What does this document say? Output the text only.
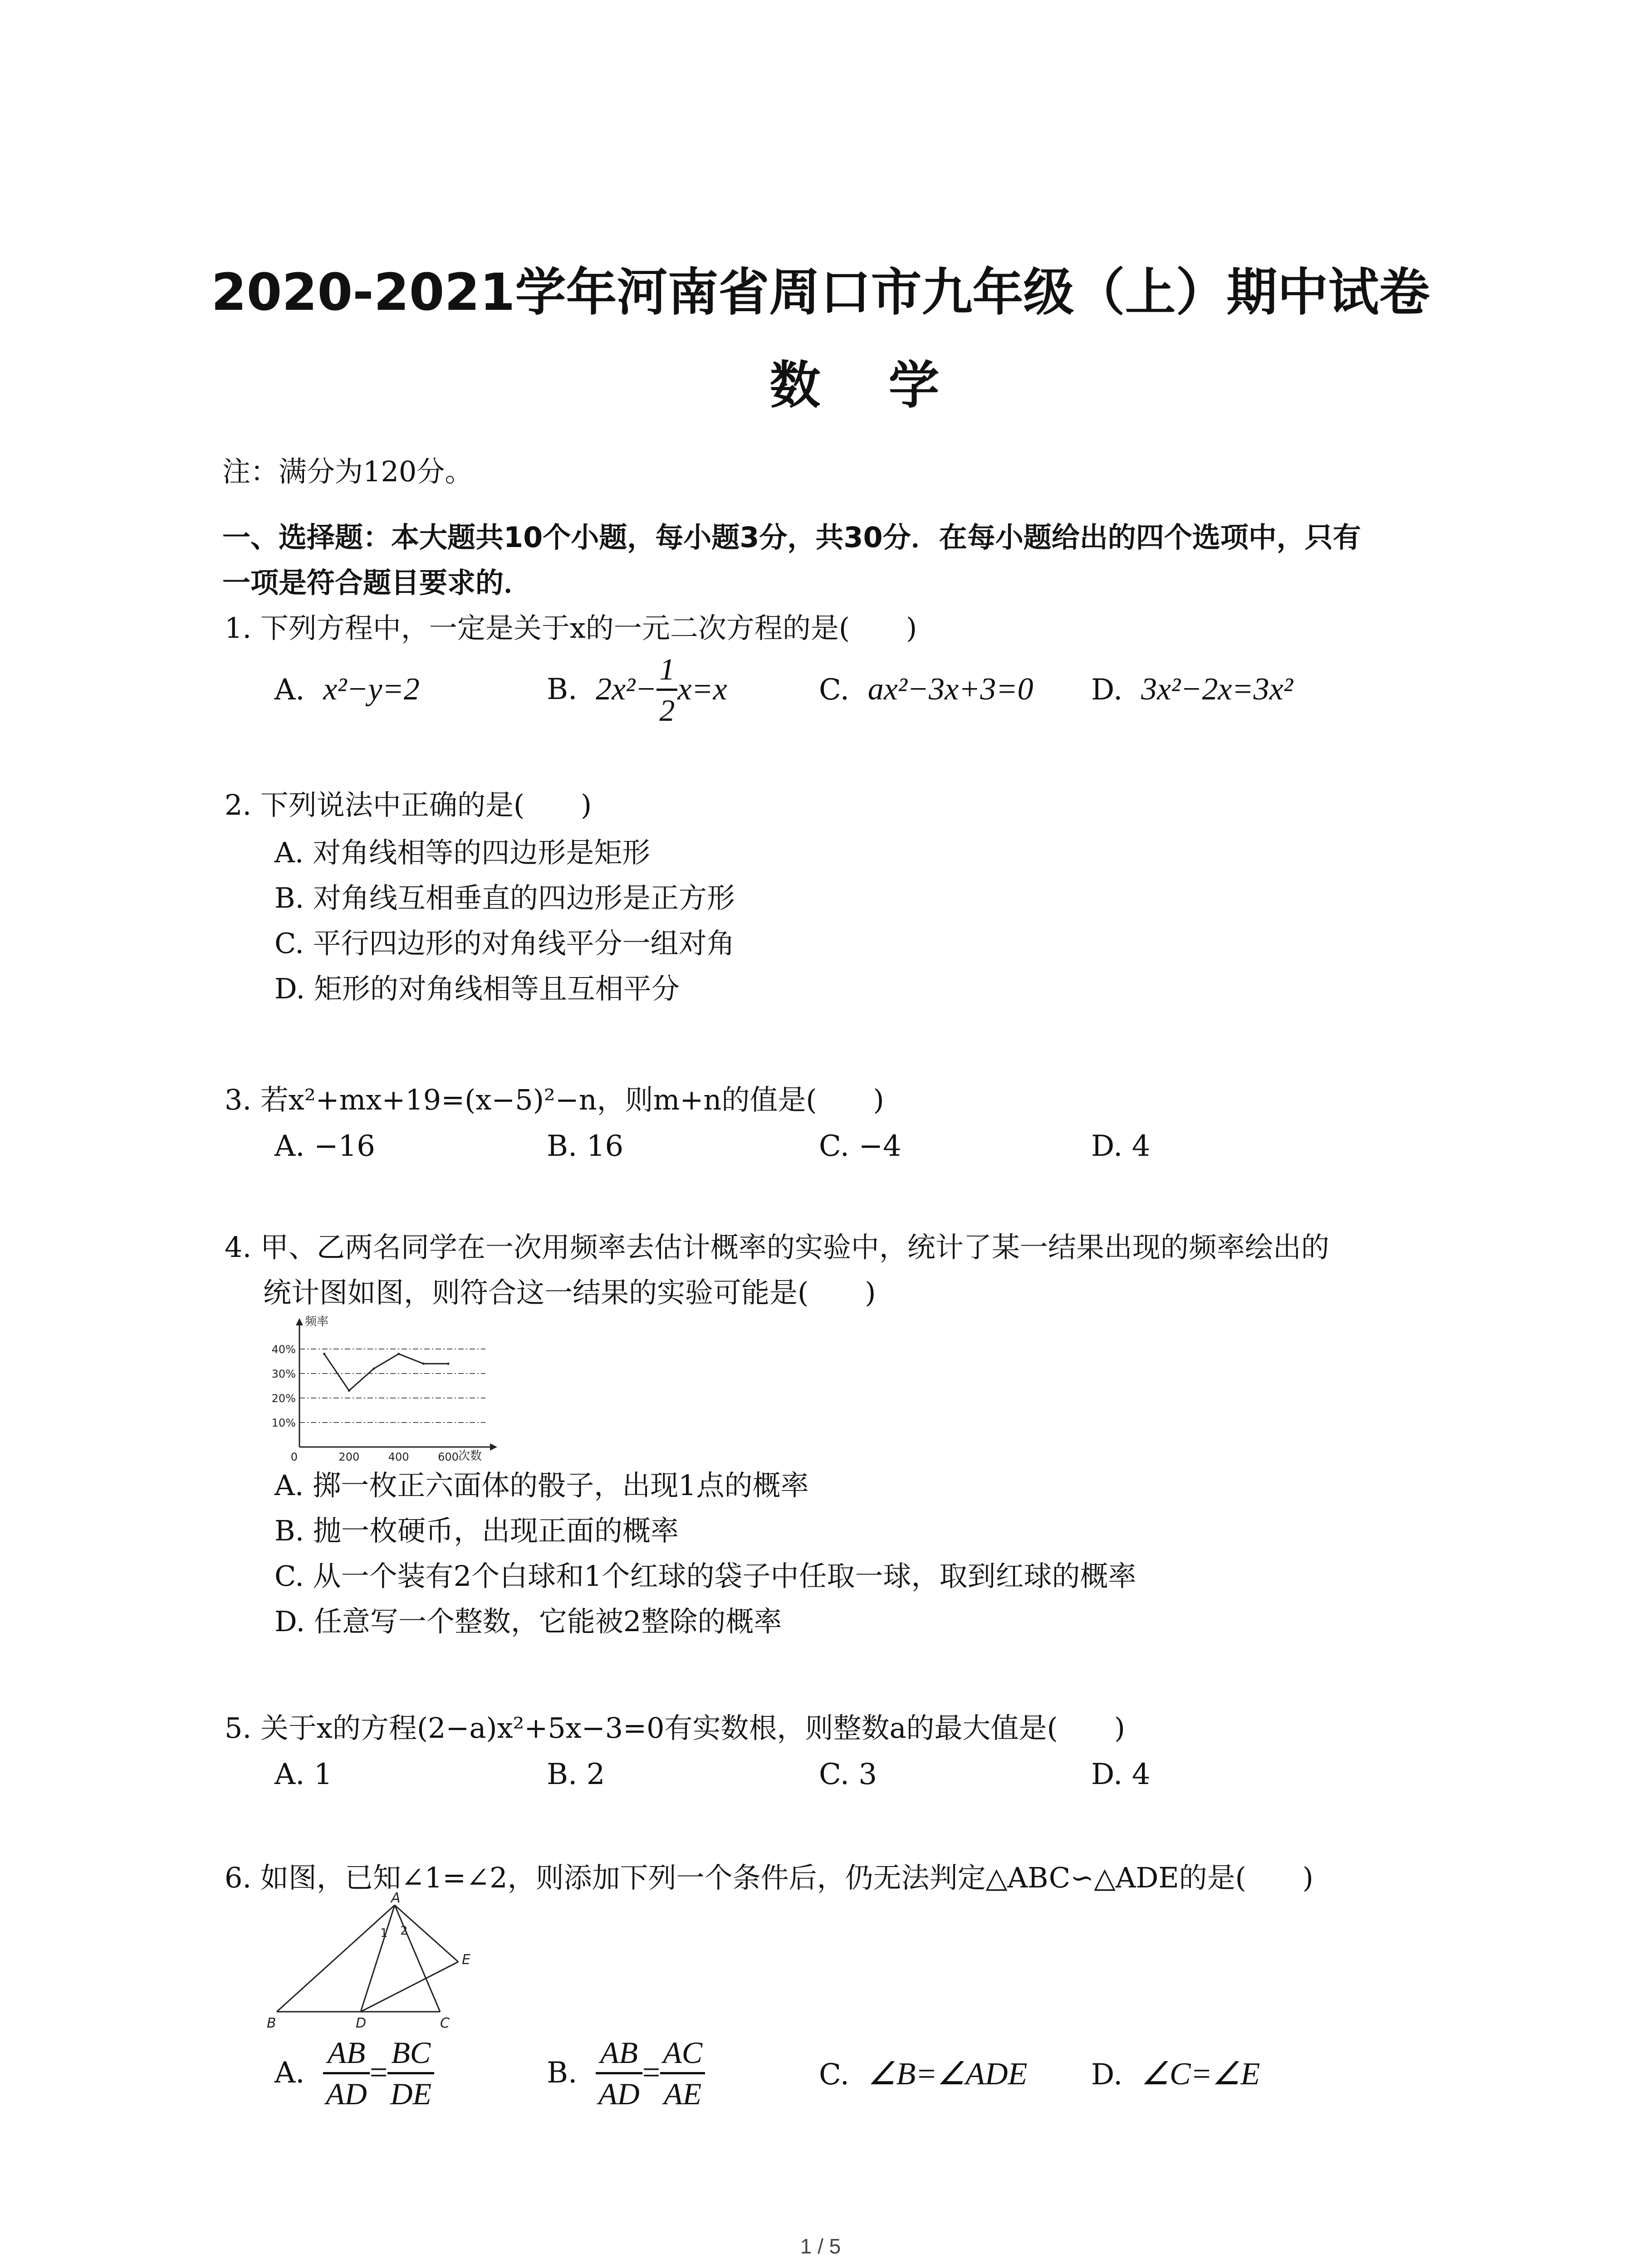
2020-2021学年河南省周口市九年级（上）期中试卷
数学
注：满分为120分。
一、选择题：本大题共10个小题，每小题3分，共30分．在每小题给出的四个选项中，只有
一项是符合题目要求的．
1. 下列方程中，一定是关于x的一元二次方程的是(　　)
A. x²−y=2	B.
$2x^2- \frac{1}{2} x=x$	C. ax²−3x+3=0 D. 3x²−2x=3x²
2. 下列说法中正确的是(　　)
A. 对角线相等的四边形是矩形
B. 对角线互相垂直的四边形是正方形
C. 平行四边形的对角线平分一组对角
D. 矩形的对角线相等且互相平分
3. 若x²+mx+19=(x−5)²−n，则m+n的值是(　　)
A. −16	B. 16	C. −4	D. 4
4. 甲、乙两名同学在一次用频率去估计概率的实验中，统计了某一结果出现的频率绘出的
统计图如图，则符合这一结果的实验可能是(　　)
频率
次数
10%
20%
30%
40%
0	200	400	600
A. 掷一枚正六面体的骰子，出现1点的概率
B. 抛一枚硬币，出现正面的概率
C. 从一个装有2个白球和1个红球的袋子中任取一球，取到红球的概率
D. 任意写一个整数，它能被2整除的概率
5. 关于x的方程(2−a)x²+5x−3=0有实数根，则整数a的最大值是(　　)
A. 1	B. 2	C. 3	D. 4
6. 如图，已知∠1=∠2，则添加下列一个条件后，仍无法判定△ABC∽△ADE的是(　　)
A
B	C
D
E
1 2
A.
$\frac{AB}{AD} = \frac{BC}{DE}$	B.
$\frac{AB}{AD} = \frac{AC}{AE}$	C. ∠B=∠ADE D. ∠C=∠E
1 / 5
